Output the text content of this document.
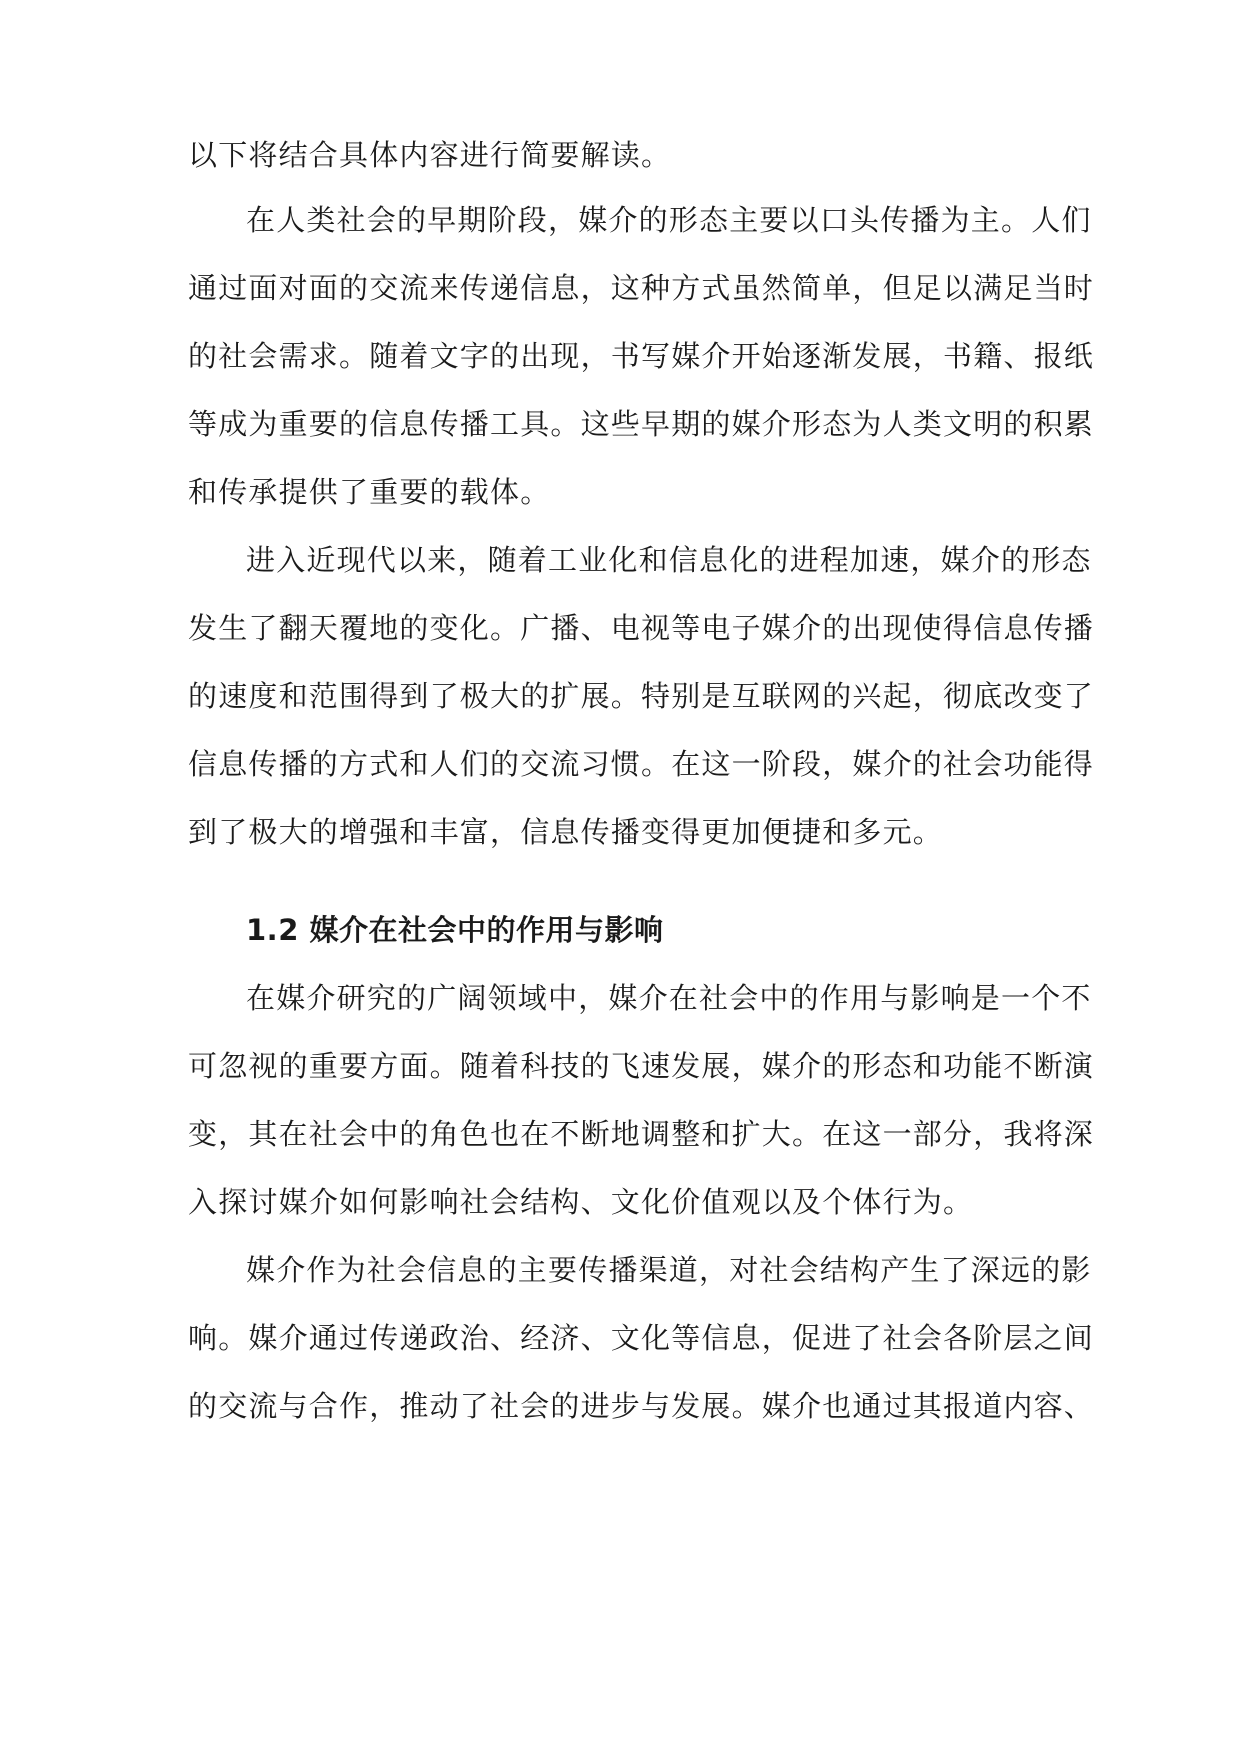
以下将结合具体内容进行简要解读。
在人类社会的早期阶段，媒介的形态主要以口头传播为主。人们
通过面对面的交流来传递信息，这种方式虽然简单，但足以满足当时
的社会需求。随着文字的出现，书写媒介开始逐渐发展，书籍、报纸
等成为重要的信息传播工具。这些早期的媒介形态为人类文明的积累
和传承提供了重要的载体。
进入近现代以来，随着工业化和信息化的进程加速，媒介的形态
发生了翻天覆地的变化。广播、电视等电子媒介的出现使得信息传播
的速度和范围得到了极大的扩展。特别是互联网的兴起，彻底改变了
信息传播的方式和人们的交流习惯。在这一阶段，媒介的社会功能得
到了极大的增强和丰富，信息传播变得更加便捷和多元。
1.2 媒介在社会中的作用与影响
在媒介研究的广阔领域中，媒介在社会中的作用与影响是一个不
可忽视的重要方面。随着科技的飞速发展，媒介的形态和功能不断演
变，其在社会中的角色也在不断地调整和扩大。在这一部分，我将深
入探讨媒介如何影响社会结构、文化价值观以及个体行为。
媒介作为社会信息的主要传播渠道，对社会结构产生了深远的影
响。媒介通过传递政治、经济、文化等信息，促进了社会各阶层之间
的交流与合作，推动了社会的进步与发展。媒介也通过其报道内容、
